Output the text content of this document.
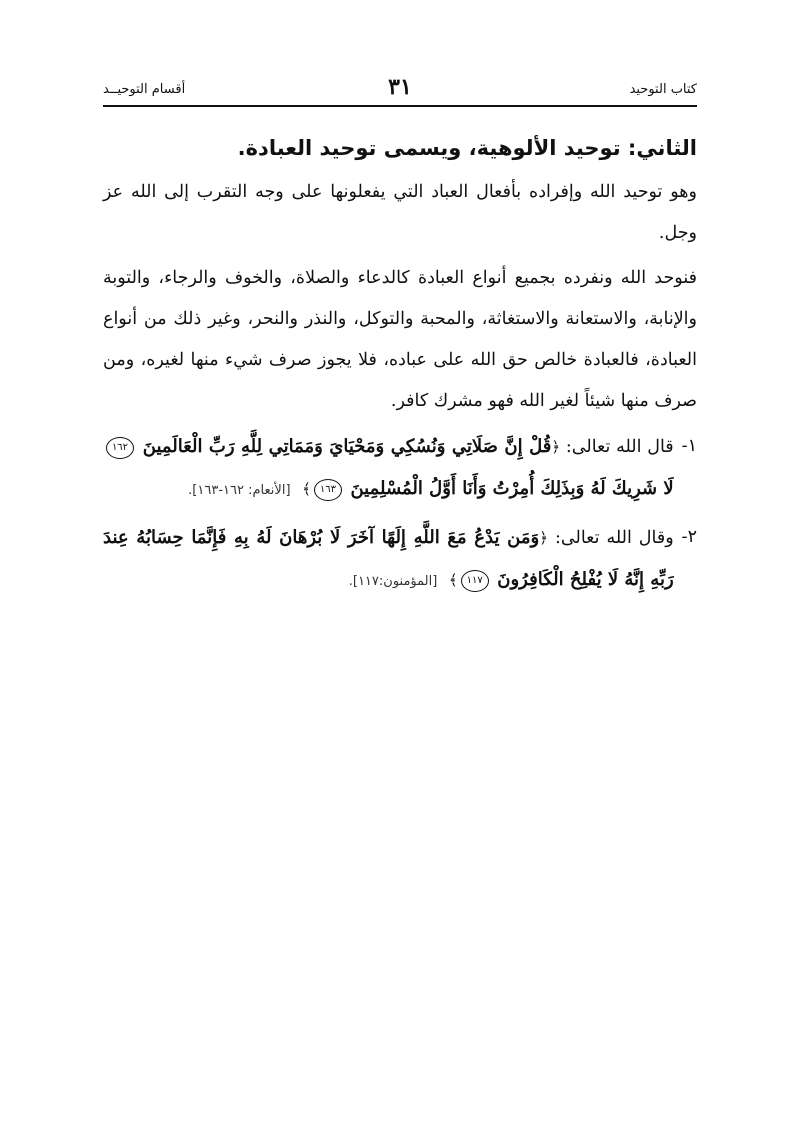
كتاب التوحيد
٣١
أقسام التوحيــد

الثاني: توحيد الألوهية، ويسمى توحيد العبادة.

وهو توحيد الله وإفراده بأفعال العباد التي يفعلونها على وجه التقرب إلى الله عز وجل.

فنوحد الله ونفرده بجميع أنواع العبادة كالدعاء والصلاة، والخوف والرجاء، والتوبة والإنابة، والاستعانة والاستغاثة، والمحبة والتوكل، والنذر والنحر، وغير ذلك من أنواع العبادة، فالعبادة خالص حق الله على عباده، فلا يجوز صرف شيء منها لغيره، ومن صرف منها شيئاً لغير الله فهو مشرك كافر.

١-
قال الله تعالى: ﴿قُلْ إِنَّ صَلَاتِي وَنُسُكِي وَمَحْيَايَ وَمَمَاتِي لِلَّهِ رَبِّ الْعَالَمِينَ ١٦٢ لَا شَرِيكَ لَهُ وَبِذَلِكَ أُمِرْتُ وَأَنَا أَوَّلُ الْمُسْلِمِينَ ١٦٣﴾ [الأنعام: ١٦٢-١٦٣].
٢-
وقال الله تعالى: ﴿وَمَن يَدْعُ مَعَ اللَّهِ إِلَهًا آخَرَ لَا بُرْهَانَ لَهُ بِهِ فَإِنَّمَا حِسَابُهُ عِندَ رَبِّهِ إِنَّهُ لَا يُفْلِحُ الْكَافِرُونَ ١١٧﴾ [المؤمنون:١١٧].
